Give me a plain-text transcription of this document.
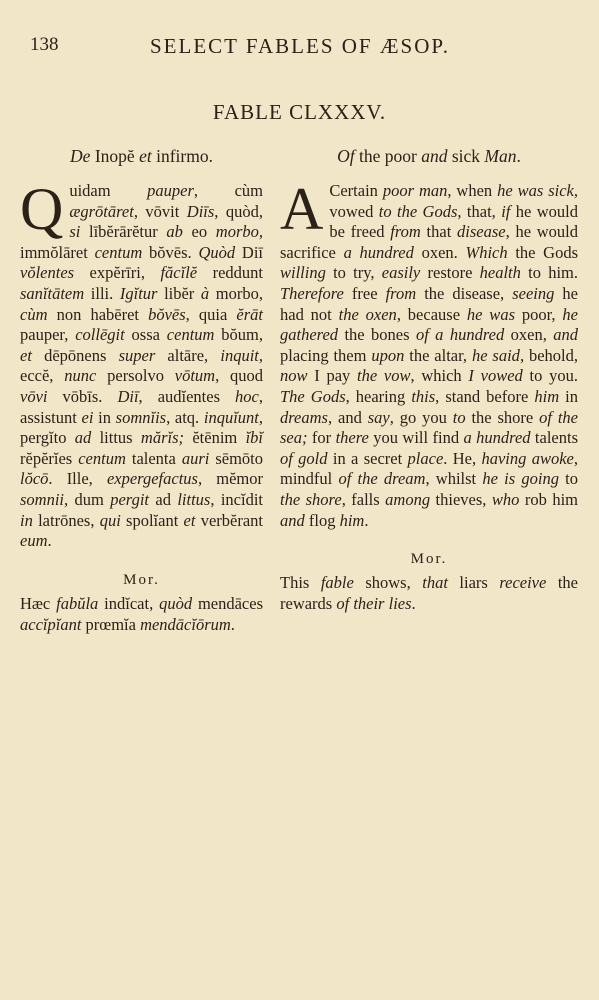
138	SELECT FABLES OF ÆSOP.
FABLE CLXXXV.
De Inopĕ et infirmo.

Quidam pauper, cùm ægrōtāret, vōvit Diīs, quòd, si lībĕrārĕtur ab eo morbo, immŏlāret centum bŏvēs. Quòd Diī vŏlentes expĕrīri, făcĭlĕ reddunt sanĭtātem illi. Igĭtur libĕr à morbo, cùm non habēret bŏvēs, quia ĕrāt pauper, collēgit ossa centum bŏum, et dēpōnens super altāre, inquit, eccĕ, nunc persolvo vōtum, quod vōvi vōbīs. Diī, audĭentes hoc, assistunt ei in somnĭis, atq. inquĭunt, pergĭto ad littus mărĭs; ĕtēnim ĭbĭ rĕpĕrĭes centum talenta auri sēmōto lŏcō. Ille, expergefactus, mĕmor somnii, dum pergit ad littus, incĭdit in latrōnes, qui spolĭant et verbĕrant eum.

Mor.

Hæc fabŭla indĭcat, quòd mendāces accĭpĭant prœmĭa mendācĭōrum.

Of the poor and sick Man.

A Certain poor man, when he was sick, vowed to the Gods, that, if he would be freed from that disease, he would sacrifice a hundred oxen. Which the Gods willing to try, easily restore health to him. Therefore free from the disease, seeing he had not the oxen, because he was poor, he gathered the bones of a hundred oxen, and placing them upon the altar, he said, behold, now I pay the vow, which I vowed to you. The Gods, hearing this, stand before him in dreams, and say, go you to the shore of the sea; for there you will find a hundred talents of gold in a secret place. He, having awoke, mindful of the dream, whilst he is going to the shore, falls among thieves, who rob him and flog him.

Mor.

This fable shows, that liars receive the rewards of their lies.
